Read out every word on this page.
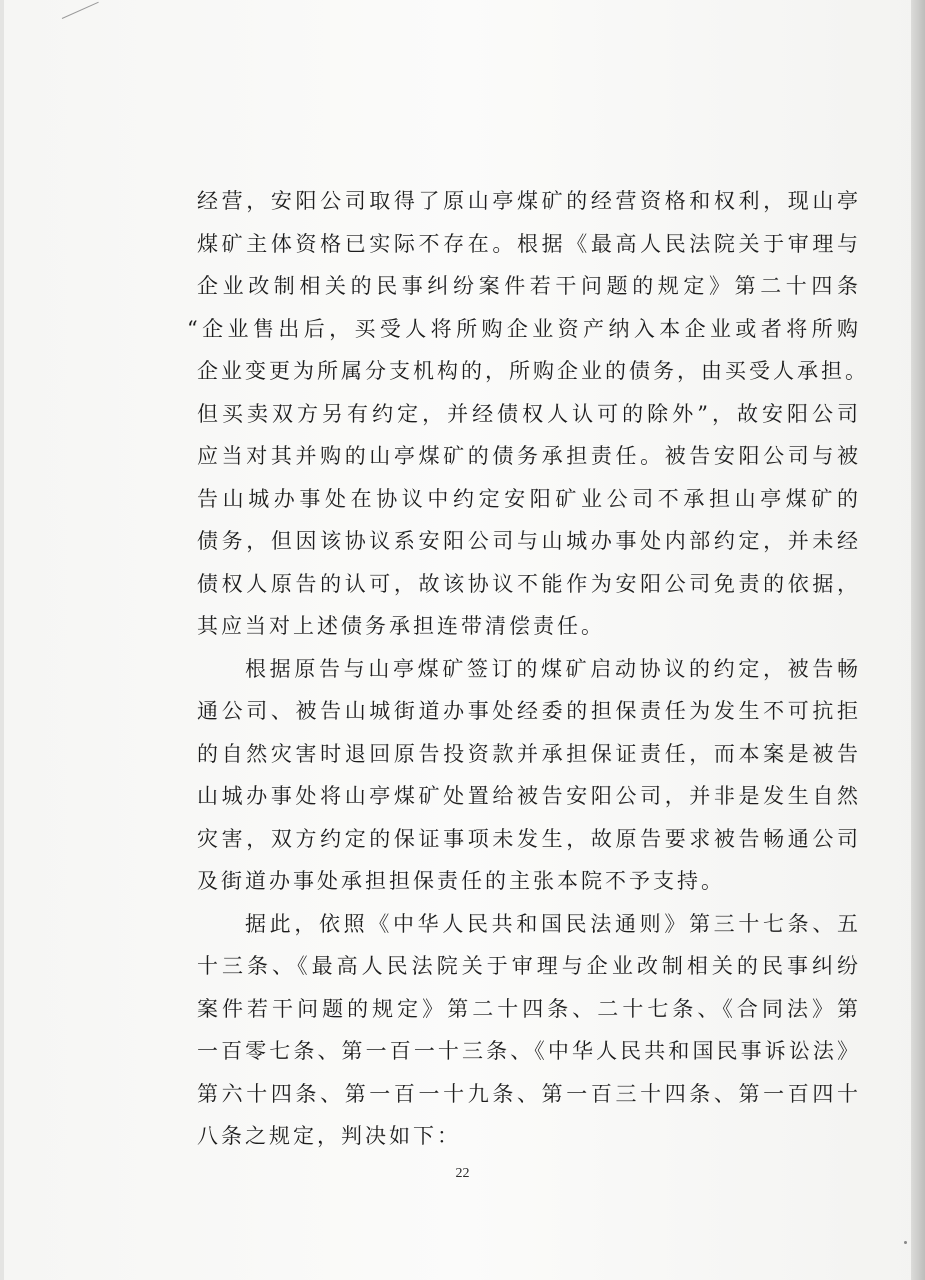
经营，安阳公司取得了原山亭煤矿的经营资格和权利，现山亭
煤矿主体资格已实际不存在。根据《最高人民法院关于审理与
企业改制相关的民事纠纷案件若干问题的规定》第二十四条
“企业售出后，买受人将所购企业资产纳入本企业或者将所购
企业变更为所属分支机构的，所购企业的债务，由买受人承担。
但买卖双方另有约定，并经债权人认可的除外”，故安阳公司
应当对其并购的山亭煤矿的债务承担责任。被告安阳公司与被
告山城办事处在协议中约定安阳矿业公司不承担山亭煤矿的
债务，但因该协议系安阳公司与山城办事处内部约定，并未经
债权人原告的认可，故该协议不能作为安阳公司免责的依据，
其应当对上述债务承担连带清偿责任。

根据原告与山亭煤矿签订的煤矿启动协议的约定，被告畅
通公司、被告山城街道办事处经委的担保责任为发生不可抗拒
的自然灾害时退回原告投资款并承担保证责任，而本案是被告
山城办事处将山亭煤矿处置给被告安阳公司，并非是发生自然
灾害，双方约定的保证事项未发生，故原告要求被告畅通公司
及街道办事处承担担保责任的主张本院不予支持。

据此，依照《中华人民共和国民法通则》第三十七条、五
十三条、《最高人民法院关于审理与企业改制相关的民事纠纷
案件若干问题的规定》第二十四条、二十七条、《合同法》第
一百零七条、第一百一十三条、《中华人民共和国民事诉讼法》
第六十四条、第一百一十九条、第一百三十四条、第一百四十
八条之规定，判决如下：

22
